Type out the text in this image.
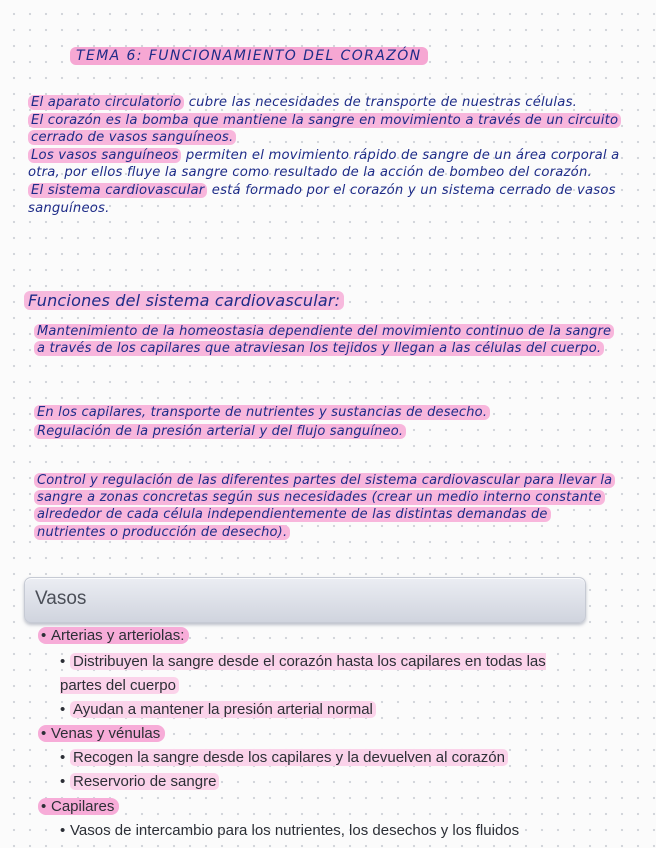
TEMA 6: FUNCIONAMIENTO DEL CORAZÓN

El aparato circulatorio cubre las necesidades de transporte de nuestras células.

El corazón es la bomba que mantiene la sangre en movimiento a través de un circuito cerrado de vasos sanguíneos.

Los vasos sanguíneos permiten el movimiento rápido de sangre de un área corporal a otra, por ellos fluye la sangre como resultado de la acción de bombeo del corazón.

El sistema cardiovascular está formado por el corazón y un sistema cerrado de vasos sanguíneos.

Funciones del sistema cardiovascular:

Mantenimiento de la homeostasia dependiente del movimiento continuo de la sangre a través de los capilares que atraviesan los tejidos y llegan a las células del cuerpo.

En los capilares, transporte de nutrientes y sustancias de desecho.

Regulación de la presión arterial y del flujo sanguíneo.

Control y regulación de las diferentes partes del sistema cardiovascular para llevar la sangre a zonas concretas según sus necesidades (crear un medio interno constante alrededor de cada célula independientemente de las distintas demandas de nutrientes o producción de desecho).

Vasos
• Arterias y arteriolas:
• Distribuyen la sangre desde el corazón hasta los capilares en todas las partes del cuerpo
• Ayudan a mantener la presión arterial normal
• Venas y vénulas
• Recogen la sangre desde los capilares y la devuelven al corazón
• Reservorio de sangre
• Capilares
• Vasos de intercambio para los nutrientes, los desechos y los fluidos
